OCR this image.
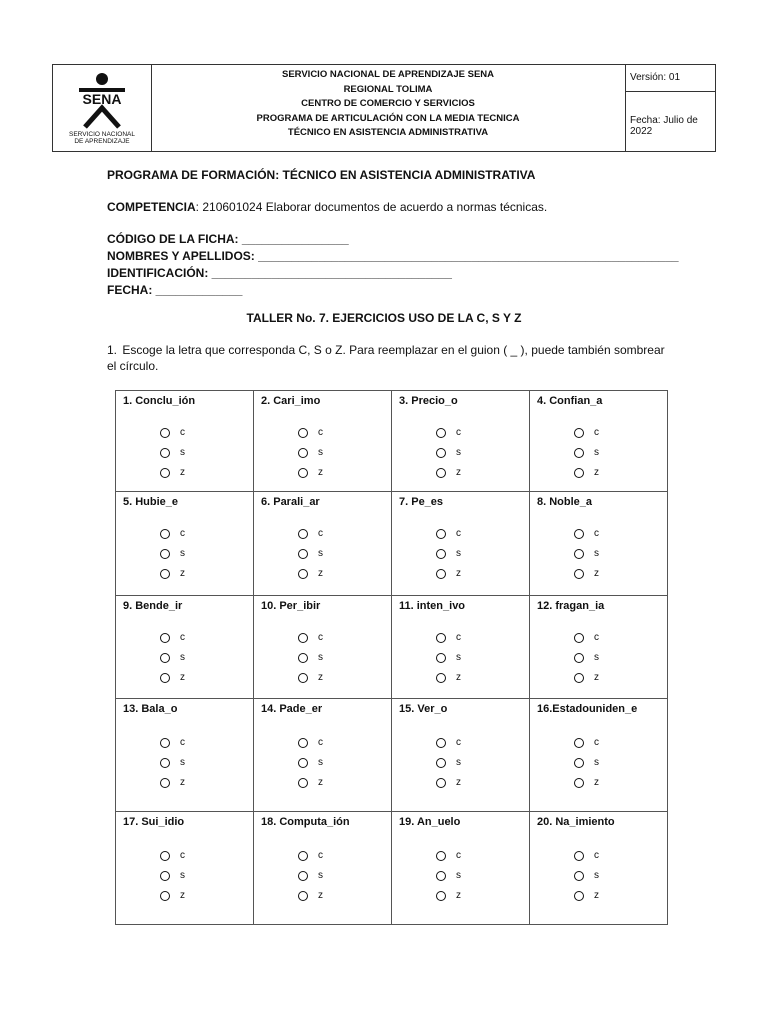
SENA
SERVICIO NACIONAL
DE APRENDIZAJE
SERVICIO NACIONAL DE APRENDIZAJE SENA
REGIONAL TOLIMA
CENTRO DE COMERCIO Y SERVICIOS
PROGRAMA DE ARTICULACIÓN CON LA MEDIA TECNICA
TÉCNICO EN ASISTENCIA ADMINISTRATIVA
Versión: 01
Fecha: Julio de 2022
PROGRAMA DE FORMACIÓN: TÉCNICO EN ASISTENCIA ADMINISTRATIVA
COMPETENCIA: 210601024 Elaborar documentos de acuerdo a normas técnicas.
CÓDIGO DE LA FICHA: ________________
NOMBRES Y APELLIDOS: _______________________________________________________________
IDENTIFICACIÓN: ____________________________________
FECHA: _____________
TALLER No. 7. EJERCICIOS USO DE LA C, S Y Z
1. Escoge la letra que corresponda C, S o Z. Para reemplazar en el guion ( _ ), puede también sombrear el círculo.
1. Conclu_ión
c
s
z
2. Cari_imo
c
s
z
3. Precio_o
c
s
z
4. Confian_a
c
s
z
5. Hubie_e
c
s
z
6. Parali_ar
c
s
z
7. Pe_es
c
s
z
8. Noble_a
c
s
z
9. Bende_ir
c
s
z
10. Per_ibir
c
s
z
11. inten_ivo
c
s
z
12. fragan_ia
c
s
z
13. Bala_o
c
s
z
14. Pade_er
c
s
z
15. Ver_o
c
s
z
16.Estadouniden_e
c
s
z
17. Sui_idio
c
s
z
18. Computa_ión
c
s
z
19. An_uelo
c
s
z
20. Na_imiento
c
s
z
